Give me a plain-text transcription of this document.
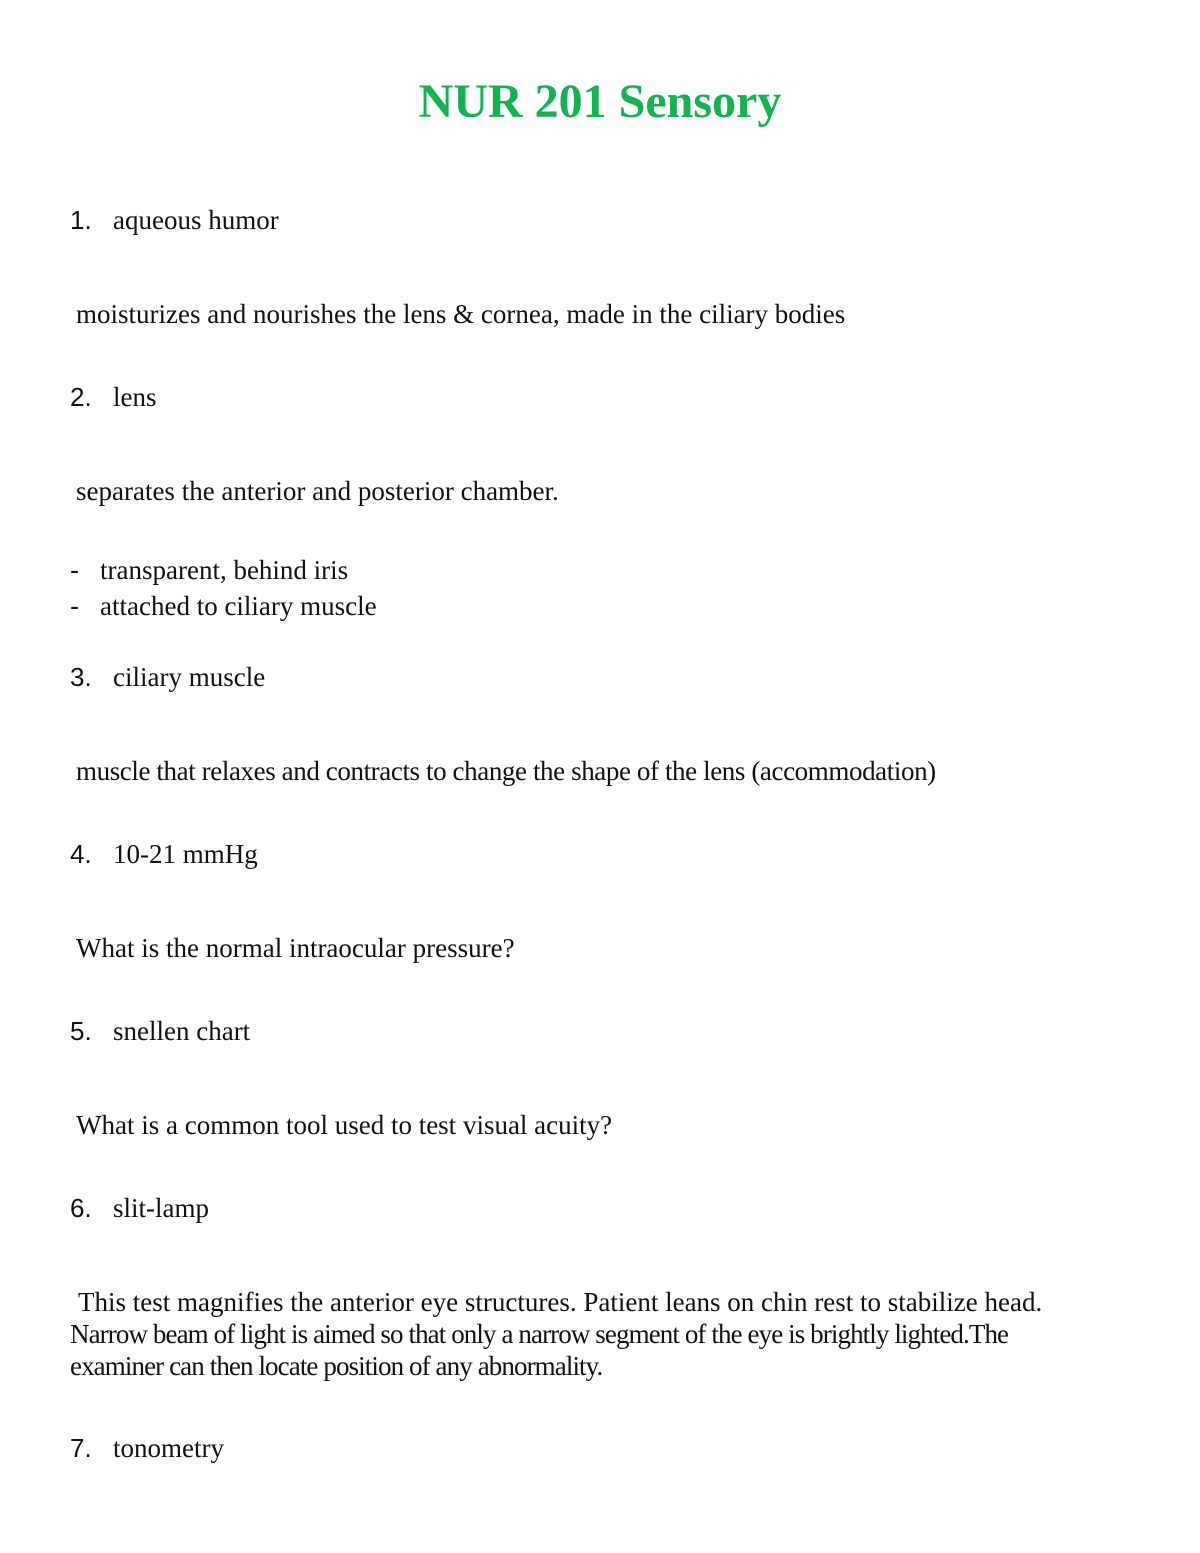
NUR 201 Sensory
1. aqueous humor
moisturizes and nourishes the lens & cornea, made in the ciliary bodies
2. lens
separates the anterior and posterior chamber.
- transparent, behind iris
- attached to ciliary muscle
3. ciliary muscle
muscle that relaxes and contracts to change the shape of the lens (accommodation)
4. 10-21 mmHg
What is the normal intraocular pressure?
5. snellen chart
What is a common tool used to test visual acuity?
6. slit-lamp

This test magnifies the anterior eye structures. Patient leans on chin rest to stabilize head.

Narrow beam of light is aimed so that only a narrow segment of the eye is brightly lighted.The

examiner can then locate position of any abnormality.

7. tonometry
